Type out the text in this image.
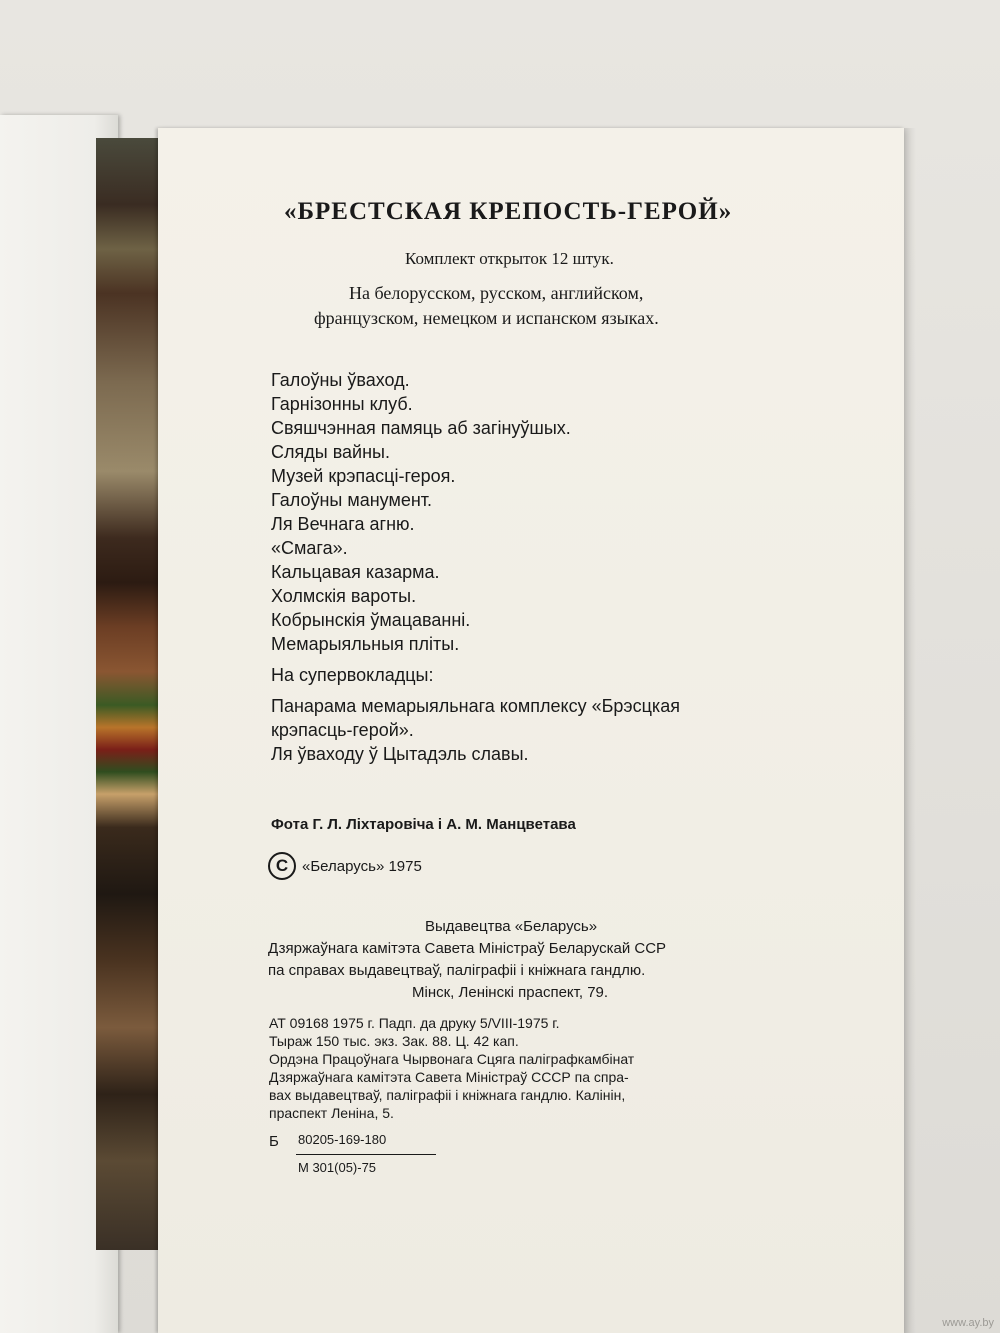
«БРЕСТСКАЯ КРЕПОСТЬ-ГЕРОЙ»
Комплект открыток 12 штук.
На белорусском, русском, английском,
французском, немецком и испанском языках.
Галоўны ўваход.
Гарнізонны клуб.
Свяшчэнная памяць аб загінуўшых.
Сляды вайны.
Музей крэпасці-героя.
Галоўны манумент.
Ля Вечнага агню.
«Смага».
Кальцавая казарма.
Холмскія вароты.
Кобрынскія ўмацаванні.
Мемарыяльныя пліты.
На супервокладцы:
Панарама мемарыяльнага комплексу «Брэсцкая
крэпасць-герой».
Ля ўваходу ў Цытадэль славы.
Фота Г. Л. Ліхтаровіча і А. М. Манцветава
C «Беларусь» 1975
Выдавецтва «Беларусь»
Дзяржаўнага камітэта Савета Міністраў Беларускай ССР
па справах выдавецтваў, паліграфіі і кніжнага гандлю.
Мінск, Ленінскі праспект, 79.
АТ 09168 1975 г. Падп. да друку 5/VIII-1975 г.
Тыраж 150 тыс. экз. Зак. 88. Ц. 42 кап.
Ордэна Працоўнага Чырвонага Сцяга паліграфкамбінат
Дзяржаўнага камітэта Савета Міністраў СССР па спра-
вах выдавецтваў, паліграфіі і кніжнага гандлю. Калінін,
праспект Леніна, 5.
Б 80205-169-180
М 301(05)-75
www.ay.by
